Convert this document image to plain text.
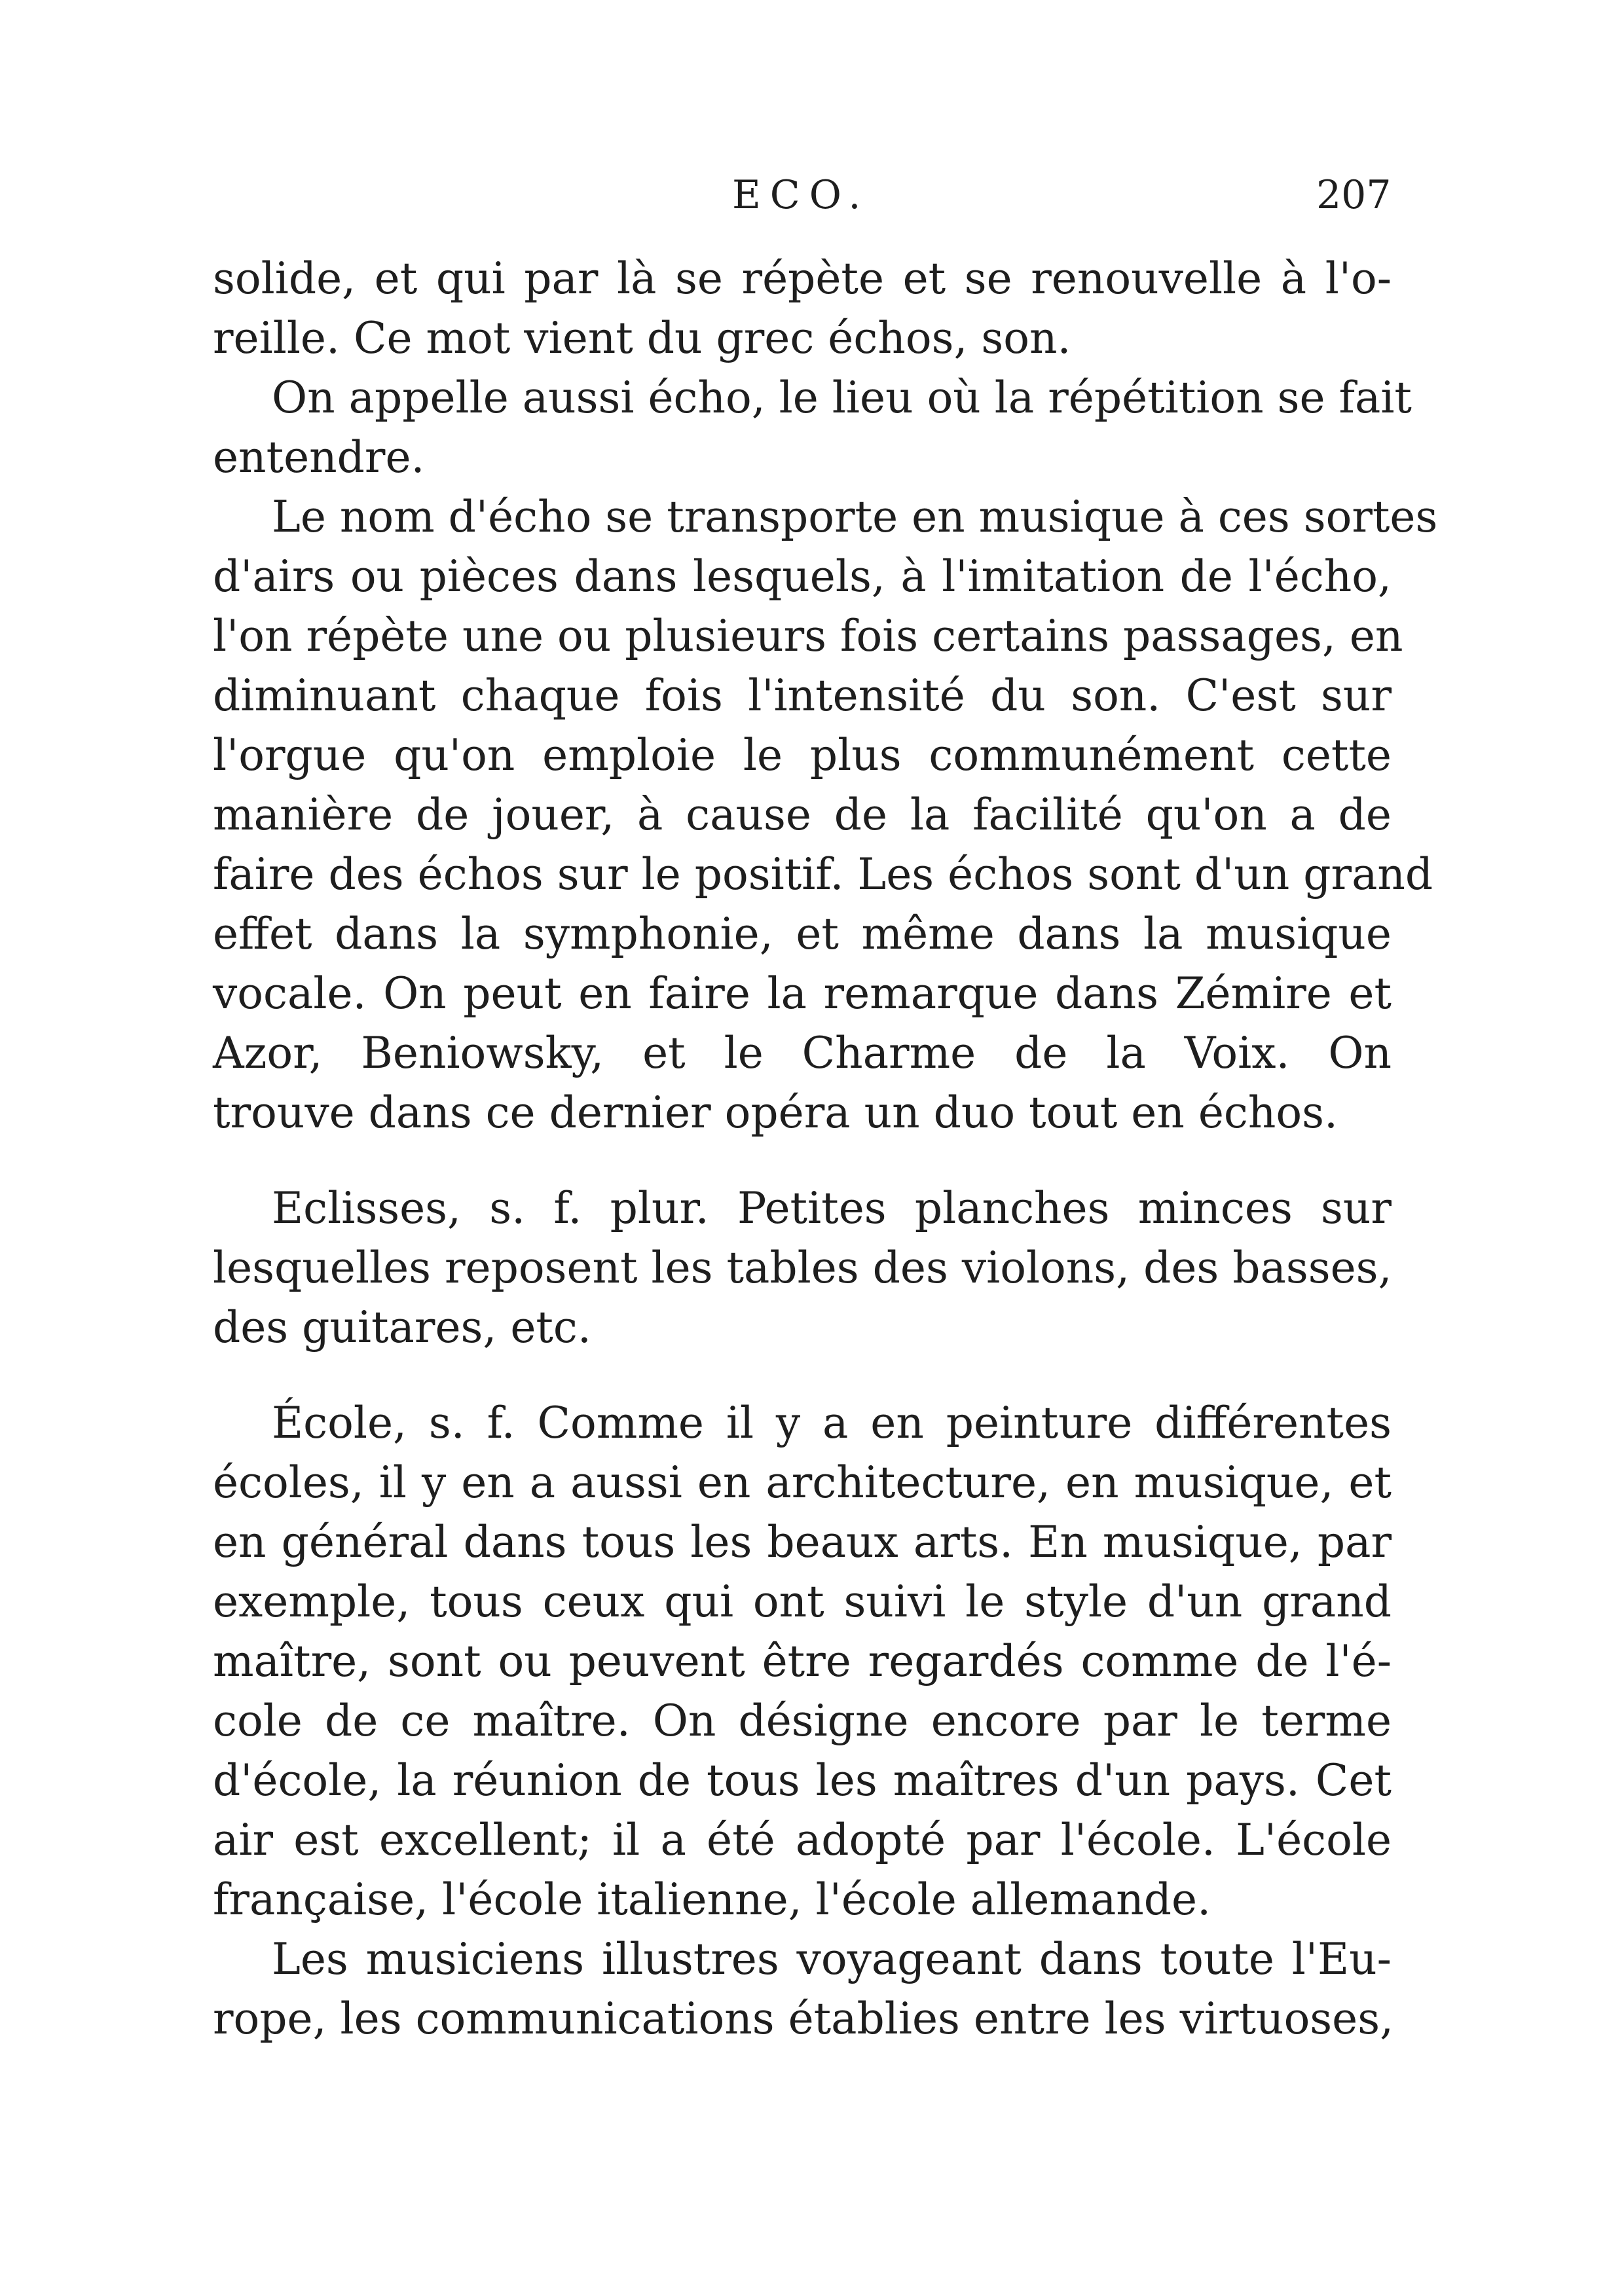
ECO.	207
solide, et qui par là se répète et se renouvelle à l'o-
reille. Ce mot vient du grec échos, son.
On appelle aussi écho, le lieu où la répétition se fait
entendre.
Le nom d'écho se transporte en musique à ces sortes
d'airs ou pièces dans lesquels, à l'imitation de l'écho,
l'on répète une ou plusieurs fois certains passages, en
diminuant chaque fois l'intensité du son. C'est sur
l'orgue qu'on emploie le plus communément cette
manière de jouer, à cause de la facilité qu'on a de
faire des échos sur le positif. Les échos sont d'un grand
effet dans la symphonie, et même dans la musique
vocale. On peut en faire la remarque dans Zémire et
Azor, Beniowsky, et le Charme de la Voix. On
trouve dans ce dernier opéra un duo tout en échos.
Eclisses, s. f. plur. Petites planches minces sur
lesquelles reposent les tables des violons, des basses,
des guitares, etc.
École, s. f. Comme il y a en peinture différentes
écoles, il y en a aussi en architecture, en musique, et
en général dans tous les beaux arts. En musique, par
exemple, tous ceux qui ont suivi le style d'un grand
maître, sont ou peuvent être regardés comme de l'é-
cole de ce maître. On désigne encore par le terme
d'école, la réunion de tous les maîtres d'un pays. Cet
air est excellent; il a été adopté par l'école. L'école
française, l'école italienne, l'école allemande.
Les musiciens illustres voyageant dans toute l'Eu-
rope, les communications établies entre les virtuoses,
